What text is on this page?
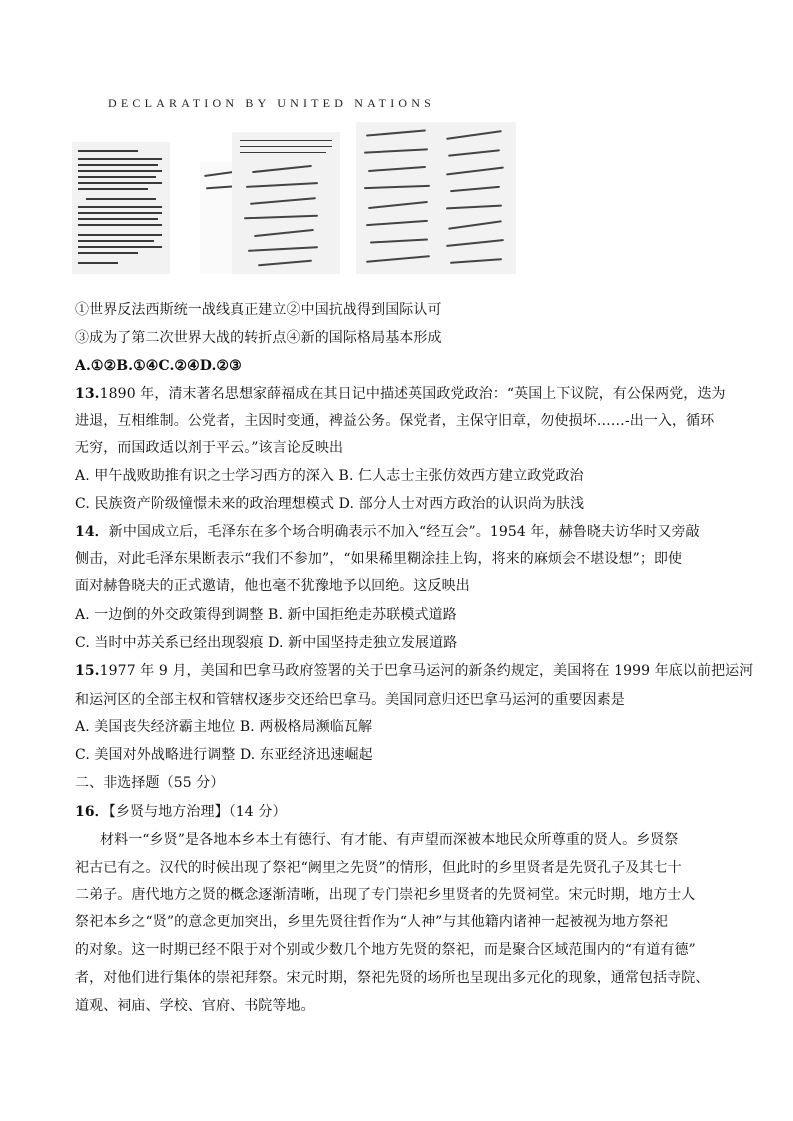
DECLARATION BY UNITED NATIONS
①世界反法西斯统一战线真正建立②中国抗战得到国际认可
③成为了第二次世界大战的转折点④新的国际格局基本形成
A.①②B.①④C.②④D.②③
13.1890 年，清末著名思想家薛福成在其日记中描述英国政党政治：“英国上下议院，有公保两党，迭为
进退，互相维制。公党者，主因时变通，裨益公务。保党者，主保守旧章，勿使损坏……-出一入，循环
无穷，而国政适以剂于平云。”该言论反映出
A. 甲午战败助推有识之士学习西方的深入 B. 仁人志士主张仿效西方建立政党政治
C. 民族资产阶级憧憬未来的政治理想模式 D. 部分人士对西方政治的认识尚为肤浅
14．新中国成立后，毛泽东在多个场合明确表示不加入“经互会”。1954 年，赫鲁晓夫访华时又旁敲
侧击，对此毛泽东果断表示“我们不参加”，“如果稀里糊涂挂上钩，将来的麻烦会不堪设想”；即使
面对赫鲁晓夫的正式邀请，他也毫不犹豫地予以回绝。这反映出
A. 一边倒的外交政策得到调整 B. 新中国拒绝走苏联模式道路
C. 当时中苏关系已经出现裂痕 D. 新中国坚持走独立发展道路
15.1977 年 9 月，美国和巴拿马政府签署的关于巴拿马运河的新条约规定，美国将在 1999 年底以前把运河
和运河区的全部主权和管辖权逐步交还给巴拿马。美国同意归还巴拿马运河的重要因素是
A. 美国丧失经济霸主地位 B. 两极格局濒临瓦解
C. 美国对外战略进行调整 D. 东亚经济迅速崛起
二、非选择题（55 分）
16．【乡贤与地方治理】（14 分）
材料一“乡贤”是各地本乡本土有德行、有才能、有声望而深被本地民众所尊重的贤人。乡贤祭
祀古已有之。汉代的时候出现了祭祀“阙里之先贤”的情形，但此时的乡里贤者是先贤孔子及其七十
二弟子。唐代地方之贤的概念逐渐清晰，出现了专门崇祀乡里贤者的先贤祠堂。宋元时期，地方士人
祭祀本乡之“贤”的意念更加突出，乡里先贤往哲作为“人神”与其他籍内诸神一起被视为地方祭祀
的对象。这一时期已经不限于对个别或少数几个地方先贤的祭祀，而是聚合区域范围内的“有道有德”
者，对他们进行集体的崇祀拜祭。宋元时期，祭祀先贤的场所也呈现出多元化的现象，通常包括寺院、
道观、祠庙、学校、官府、书院等地。
